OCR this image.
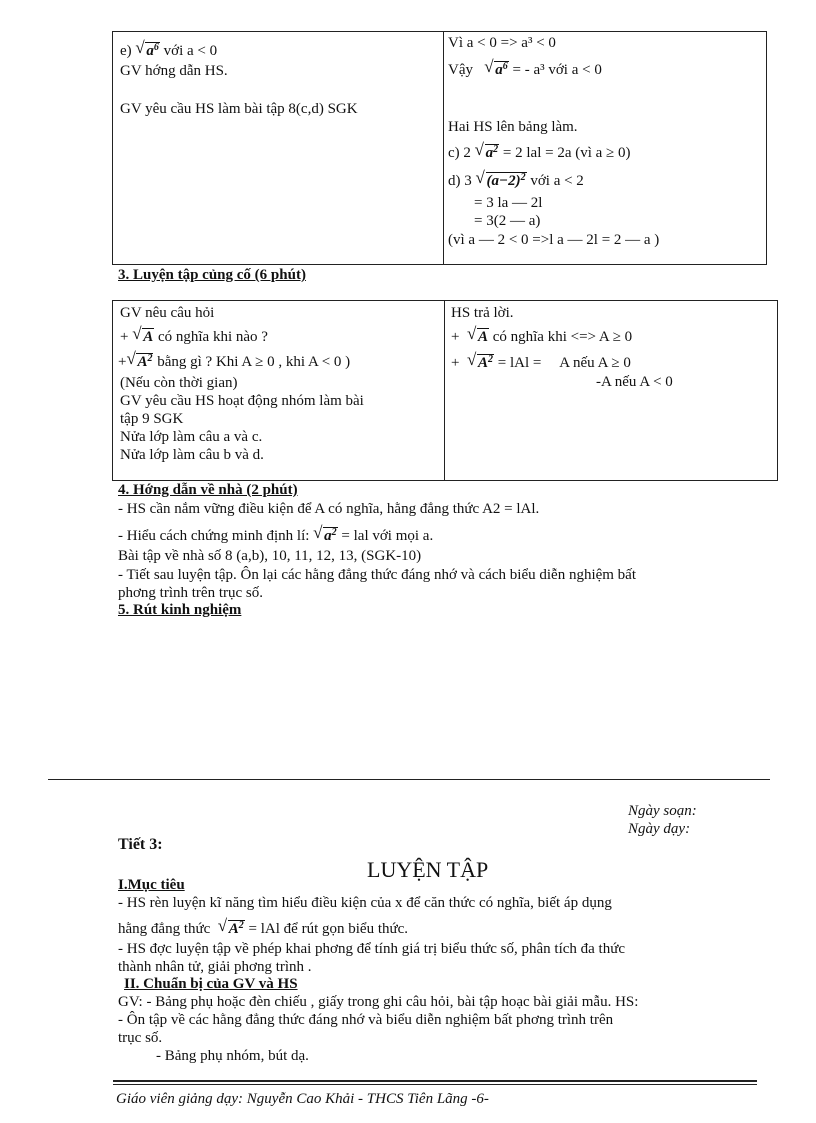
e) √ $a^6$ với a < 0
GV hớng dẫn HS.
GV yêu cầu HS làm bài tập 8(c,d) SGK
Vì a < 0 => a³ < 0
Vậy √ $a^6$ = - a³ với a < 0
Hai HS lên bảng làm.
c) 2 √ $a^2 = 2$ lal = 2a (vì a ≥ 0)
d) 3 √ $(a-2)^2$ với a < 2
= 3 la — 2l
= 3(2 — a)
(vì a — 2 < 0 =>l a — 2l = 2 — a )
3. Luyện tập củng cố (6 phút)
GV nêu câu hỏi
+ √ A có nghĩa khi nào ?
+ √ $A^2$ bằng gì ? Khi A ≥ 0 , khi A < 0 )
(Nếu còn thời gian)
GV yêu cầu HS hoạt động nhóm làm bài
tập 9 SGK
Nửa lớp làm câu a và c.
Nửa lớp làm câu b và d.
HS trả lời.
+ √ A có nghĩa khi <=> A ≥ 0
+ √ $A^2$ = lAl = A nếu A ≥ 0
-A nếu A < 0
4. Hớng dẫn về nhà (2 phút)
- HS cần nắm vững điều kiện để A có nghĩa, hằng đẳng thức A2 = lAl.
- Hiểu cách chứng minh định lí: √ $a^2$ = lal với mọi a.
Bài tập về nhà số 8 (a,b), 10, 11, 12, 13, (SGK-10)
- Tiết sau luyện tập. Ôn lại các hằng đẳng thức đáng nhớ và cách biểu diễn nghiệm bất
phơng trình trên trục số.
5. Rút kinh nghiệm
Ngày soạn:
Ngày dạy:
Tiết 3:
LUYỆN TẬP
I.Mục tiêu
- HS rèn luyện kĩ năng tìm hiểu điều kiện của x để căn thức có nghĩa, biết áp dụng
hằng đẳng thức √ $A^2$ = lAl để rút gọn biểu thức.
- HS đợc luyện tập về phép khai phơng để tính giá trị biểu thức số, phân tích đa thức
thành nhân tử, giải phơng trình .
II. Chuẩn bị của GV và HS
GV: - Bảng phụ hoặc đèn chiếu , giấy trong ghi câu hỏi, bài tập hoạc bài giải mẫu. HS:
- Ôn tập về các hằng đẳng thức đáng nhớ và biểu diễn nghiệm bất phơng trình trên
trục số.
- Bảng phụ nhóm, bút dạ.
Giáo viên giảng dạy: Nguyễn Cao Khải - THCS Tiên Lãng -6-
